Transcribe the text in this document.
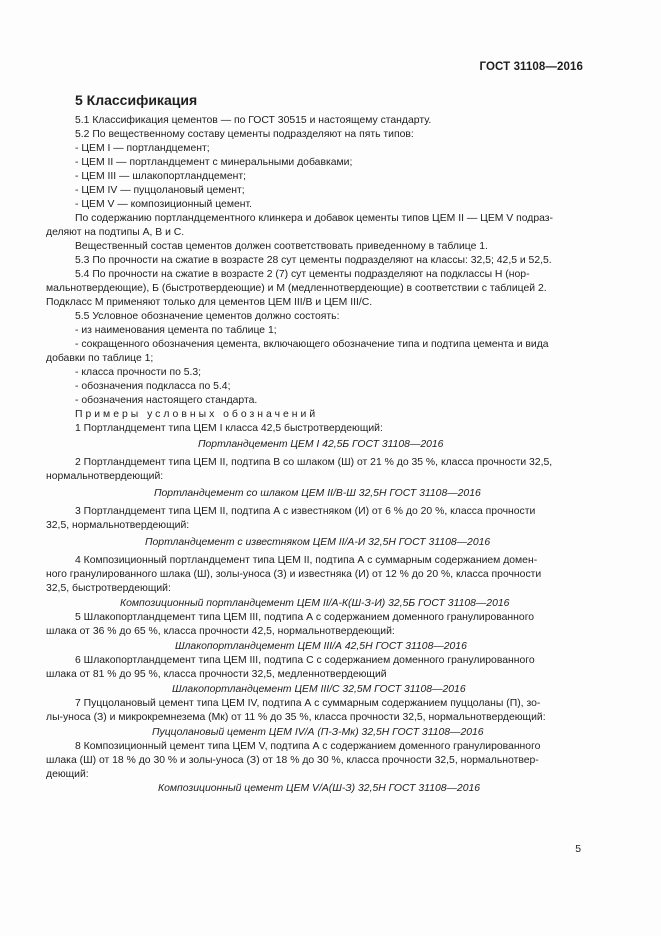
ГОСТ 31108—2016
5 Классификация
5.1 Классификация цементов — по ГОСТ 30515 и настоящему стандарту.
5.2 По вещественному составу цементы подразделяют на пять типов:
- ЦЕМ I — портландцемент;
- ЦЕМ II — портландцемент с минеральными добавками;
- ЦЕМ III — шлакопортландцемент;
- ЦЕМ IV — пуццолановый цемент;
- ЦЕМ V — композиционный цемент.
По содержанию портландцементного клинкера и добавок цементы типов ЦЕМ II — ЦЕМ V подраз-
деляют на подтипы А, В и С.
Вещественный состав цементов должен соответствовать приведенному в таблице 1.
5.3 По прочности на сжатие в возрасте 28 сут цементы подразделяют на классы: 32,5; 42,5 и 52,5.
5.4 По прочности на сжатие в возрасте 2 (7) сут цементы подразделяют на подклассы Н (нор-
мальнотвердеющие), Б (быстротвердеющие) и М (медленнотвердеющие) в соответствии с таблицей 2.
Подкласс М применяют только для цементов ЦЕМ III/В и ЦЕМ III/С.
5.5 Условное обозначение цементов должно состоять:
- из наименования цемента по таблице 1;
- сокращенного обозначения цемента, включающего обозначение типа и подтипа цемента и вида
добавки по таблице 1;
- класса прочности по 5.3;
- обозначения подкласса по 5.4;
- обозначения настоящего стандарта.
Примеры условных обозначений
1 Портландцемент типа ЦЕМ I класса 42,5 быстротвердеющий:
Портландцемент ЦЕМ I 42,5Б ГОСТ 31108—2016
2 Портландцемент типа ЦЕМ II, подтипа В со шлаком (Ш) от 21 % до 35 %, класса прочности 32,5,
нормальнотвердеющий:
Портландцемент со шлаком ЦЕМ II/В-Ш 32,5Н ГОСТ 31108—2016
3 Портландцемент типа ЦЕМ II, подтипа А с известняком (И) от 6 % до 20 %, класса прочности
32,5, нормальнотвердеющий:
Портландцемент с известняком ЦЕМ II/А-И 32,5Н ГОСТ 31108—2016
4 Композиционный портландцемент типа ЦЕМ II, подтипа А с суммарным содержанием домен-
ного гранулированного шлака (Ш), золы-уноса (З) и известняка (И) от 12 % до 20 %, класса прочности
32,5, быстротвердеющий:
Композиционный портландцемент ЦЕМ II/А-К(Ш-З-И) 32,5Б ГОСТ 31108—2016
5 Шлакопортландцемент типа ЦЕМ III, подтипа А с содержанием доменного гранулированного
шлака от 36 % до 65 %, класса прочности 42,5, нормальнотвердеющий:
Шлакопортландцемент ЦЕМ III/А 42,5Н ГОСТ 31108—2016
6 Шлакопортландцемент типа ЦЕМ III, подтипа С с содержанием доменного гранулированного
шлака от 81 % до 95 %, класса прочности 32,5, медленнотвердеющий
Шлакопортландцемент ЦЕМ III/С 32,5М ГОСТ 31108—2016
7 Пуццолановый цемент типа ЦЕМ IV, подтипа А с суммарным содержанием пуццоланы (П), зо-
лы-уноса (З) и микрокремнезема (Мк) от 11 % до 35 %, класса прочности 32,5, нормальнотвердеющий:
Пуццолановый цемент ЦЕМ IV/А (П-З-Мк) 32,5Н ГОСТ 31108—2016
8 Композиционный цемент типа ЦЕМ V, подтипа А с содержанием доменного гранулированного
шлака (Ш) от 18 % до 30 % и золы-уноса (З) от 18 % до 30 %, класса прочности 32,5, нормальнотвер-
деющий:
Композиционный цемент ЦЕМ V/А(Ш-З) 32,5Н ГОСТ 31108—2016
5
